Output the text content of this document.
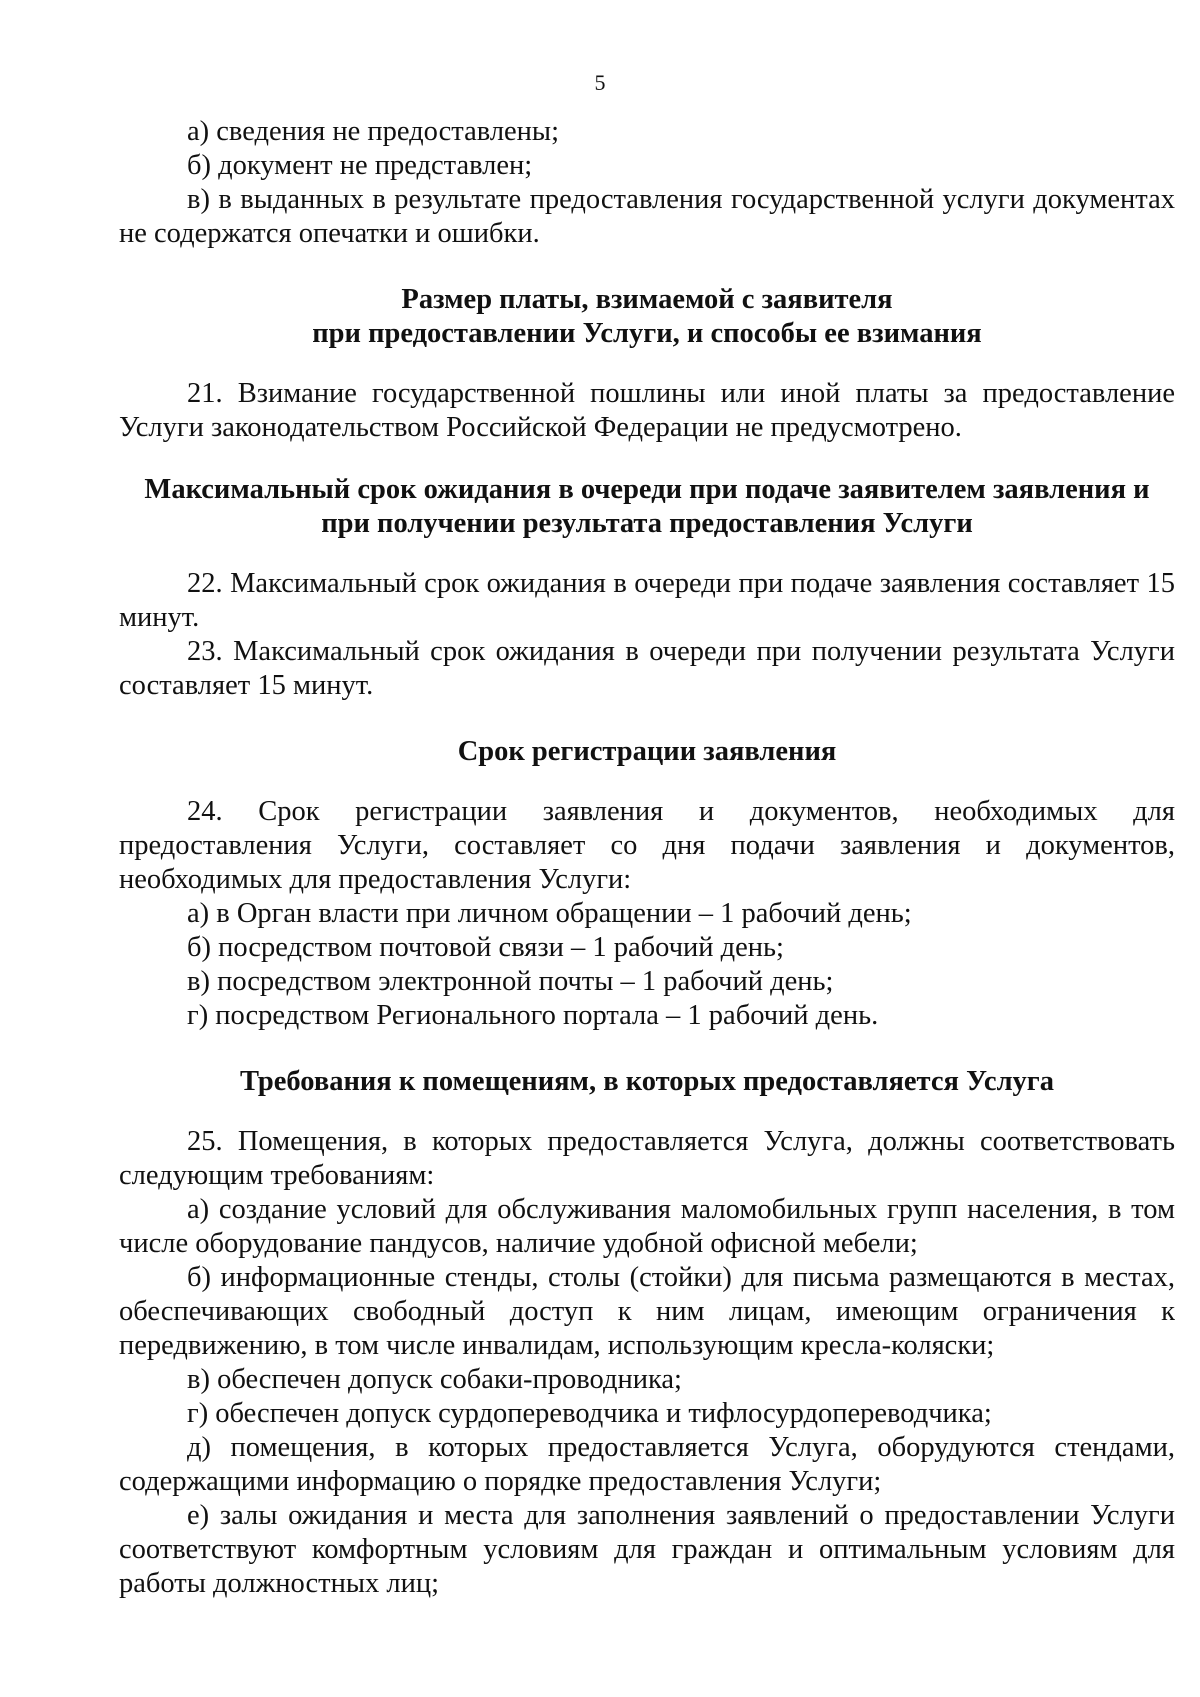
5

а) сведения не предоставлены;

б) документ не представлен;

в) в выданных в результате предоставления государственной услуги документах не содержатся опечатки и ошибки.

Размер платы, взимаемой с заявителя
при предоставлении Услуги, и способы ее взимания

21. Взимание государственной пошлины или иной платы за предоставление Услуги законодательством Российской Федерации не предусмотрено.

Максимальный срок ожидания в очереди при подаче заявителем заявления и при получении результата предоставления Услуги

22. Максимальный срок ожидания в очереди при подаче заявления составляет 15 минут.

23. Максимальный срок ожидания в очереди при получении результата Услуги составляет 15 минут.

Срок регистрации заявления

24. Срок регистрации заявления и документов, необходимых для предоставления Услуги, составляет со дня подачи заявления и документов, необходимых для предоставления Услуги:

а) в Орган власти при личном обращении – 1 рабочий день;

б) посредством почтовой связи – 1 рабочий день;

в) посредством электронной почты – 1 рабочий день;

г) посредством Регионального портала – 1 рабочий день.

Требования к помещениям, в которых предоставляется Услуга

25. Помещения, в которых предоставляется Услуга, должны соответствовать следующим требованиям:

а) создание условий для обслуживания маломобильных групп населения, в том числе оборудование пандусов, наличие удобной офисной мебели;

б) информационные стенды, столы (стойки) для письма размещаются в местах, обеспечивающих свободный доступ к ним лицам, имеющим ограничения к передвижению, в том числе инвалидам, использующим кресла-коляски;

в) обеспечен допуск собаки-проводника;

г) обеспечен допуск сурдопереводчика и тифлосурдопереводчика;

д) помещения, в которых предоставляется Услуга, оборудуются стендами, содержащими информацию о порядке предоставления Услуги;

е) залы ожидания и места для заполнения заявлений о предоставлении Услуги соответствуют комфортным условиям для граждан и оптимальным условиям для работы должностных лиц;
